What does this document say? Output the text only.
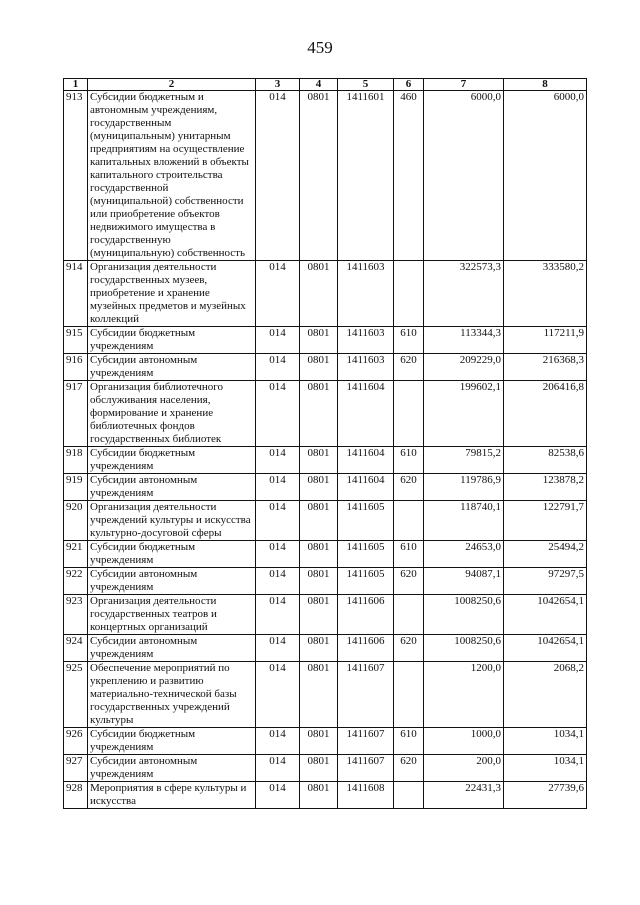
459
1	2	3	4	5	6	7	8
913	Субсидии бюджетным и автономным учреждениям, государственным (муниципальным) унитарным предприятиям на осуществление капитальных вложений в объекты капитального строительства государственной (муниципальной) собственности или приобретение объектов недвижимого имущества в государственную (муниципальную) собственность	014	0801	1411601	460	6000,0	6000,0
914	Организация деятельности государственных музеев, приобретение и хранение музейных предметов и музейных коллекций	014	0801	1411603		322573,3	333580,2
915	Субсидии бюджетным учреждениям	014	0801	1411603	610	113344,3	117211,9
916	Субсидии автономным учреждениям	014	0801	1411603	620	209229,0	216368,3
917	Организация библиотечного обслуживания населения, формирование и хранение библиотечных фондов государственных библиотек	014	0801	1411604		199602,1	206416,8
918	Субсидии бюджетным учреждениям	014	0801	1411604	610	79815,2	82538,6
919	Субсидии автономным учреждениям	014	0801	1411604	620	119786,9	123878,2
920	Организация деятельности учреждений культуры и искусства культурно-досуговой сферы	014	0801	1411605		118740,1	122791,7
921	Субсидии бюджетным учреждениям	014	0801	1411605	610	24653,0	25494,2
922	Субсидии автономным учреждениям	014	0801	1411605	620	94087,1	97297,5
923	Организация деятельности государственных театров и концертных организаций	014	0801	1411606		1008250,6	1042654,1
924	Субсидии автономным учреждениям	014	0801	1411606	620	1008250,6	1042654,1
925	Обеспечение мероприятий по укреплению и развитию материально-технической базы государственных учреждений культуры	014	0801	1411607		1200,0	2068,2
926	Субсидии бюджетным учреждениям	014	0801	1411607	610	1000,0	1034,1
927	Субсидии автономным учреждениям	014	0801	1411607	620	200,0	1034,1
928	Мероприятия в сфере культуры и искусства	014	0801	1411608		22431,3	27739,6
